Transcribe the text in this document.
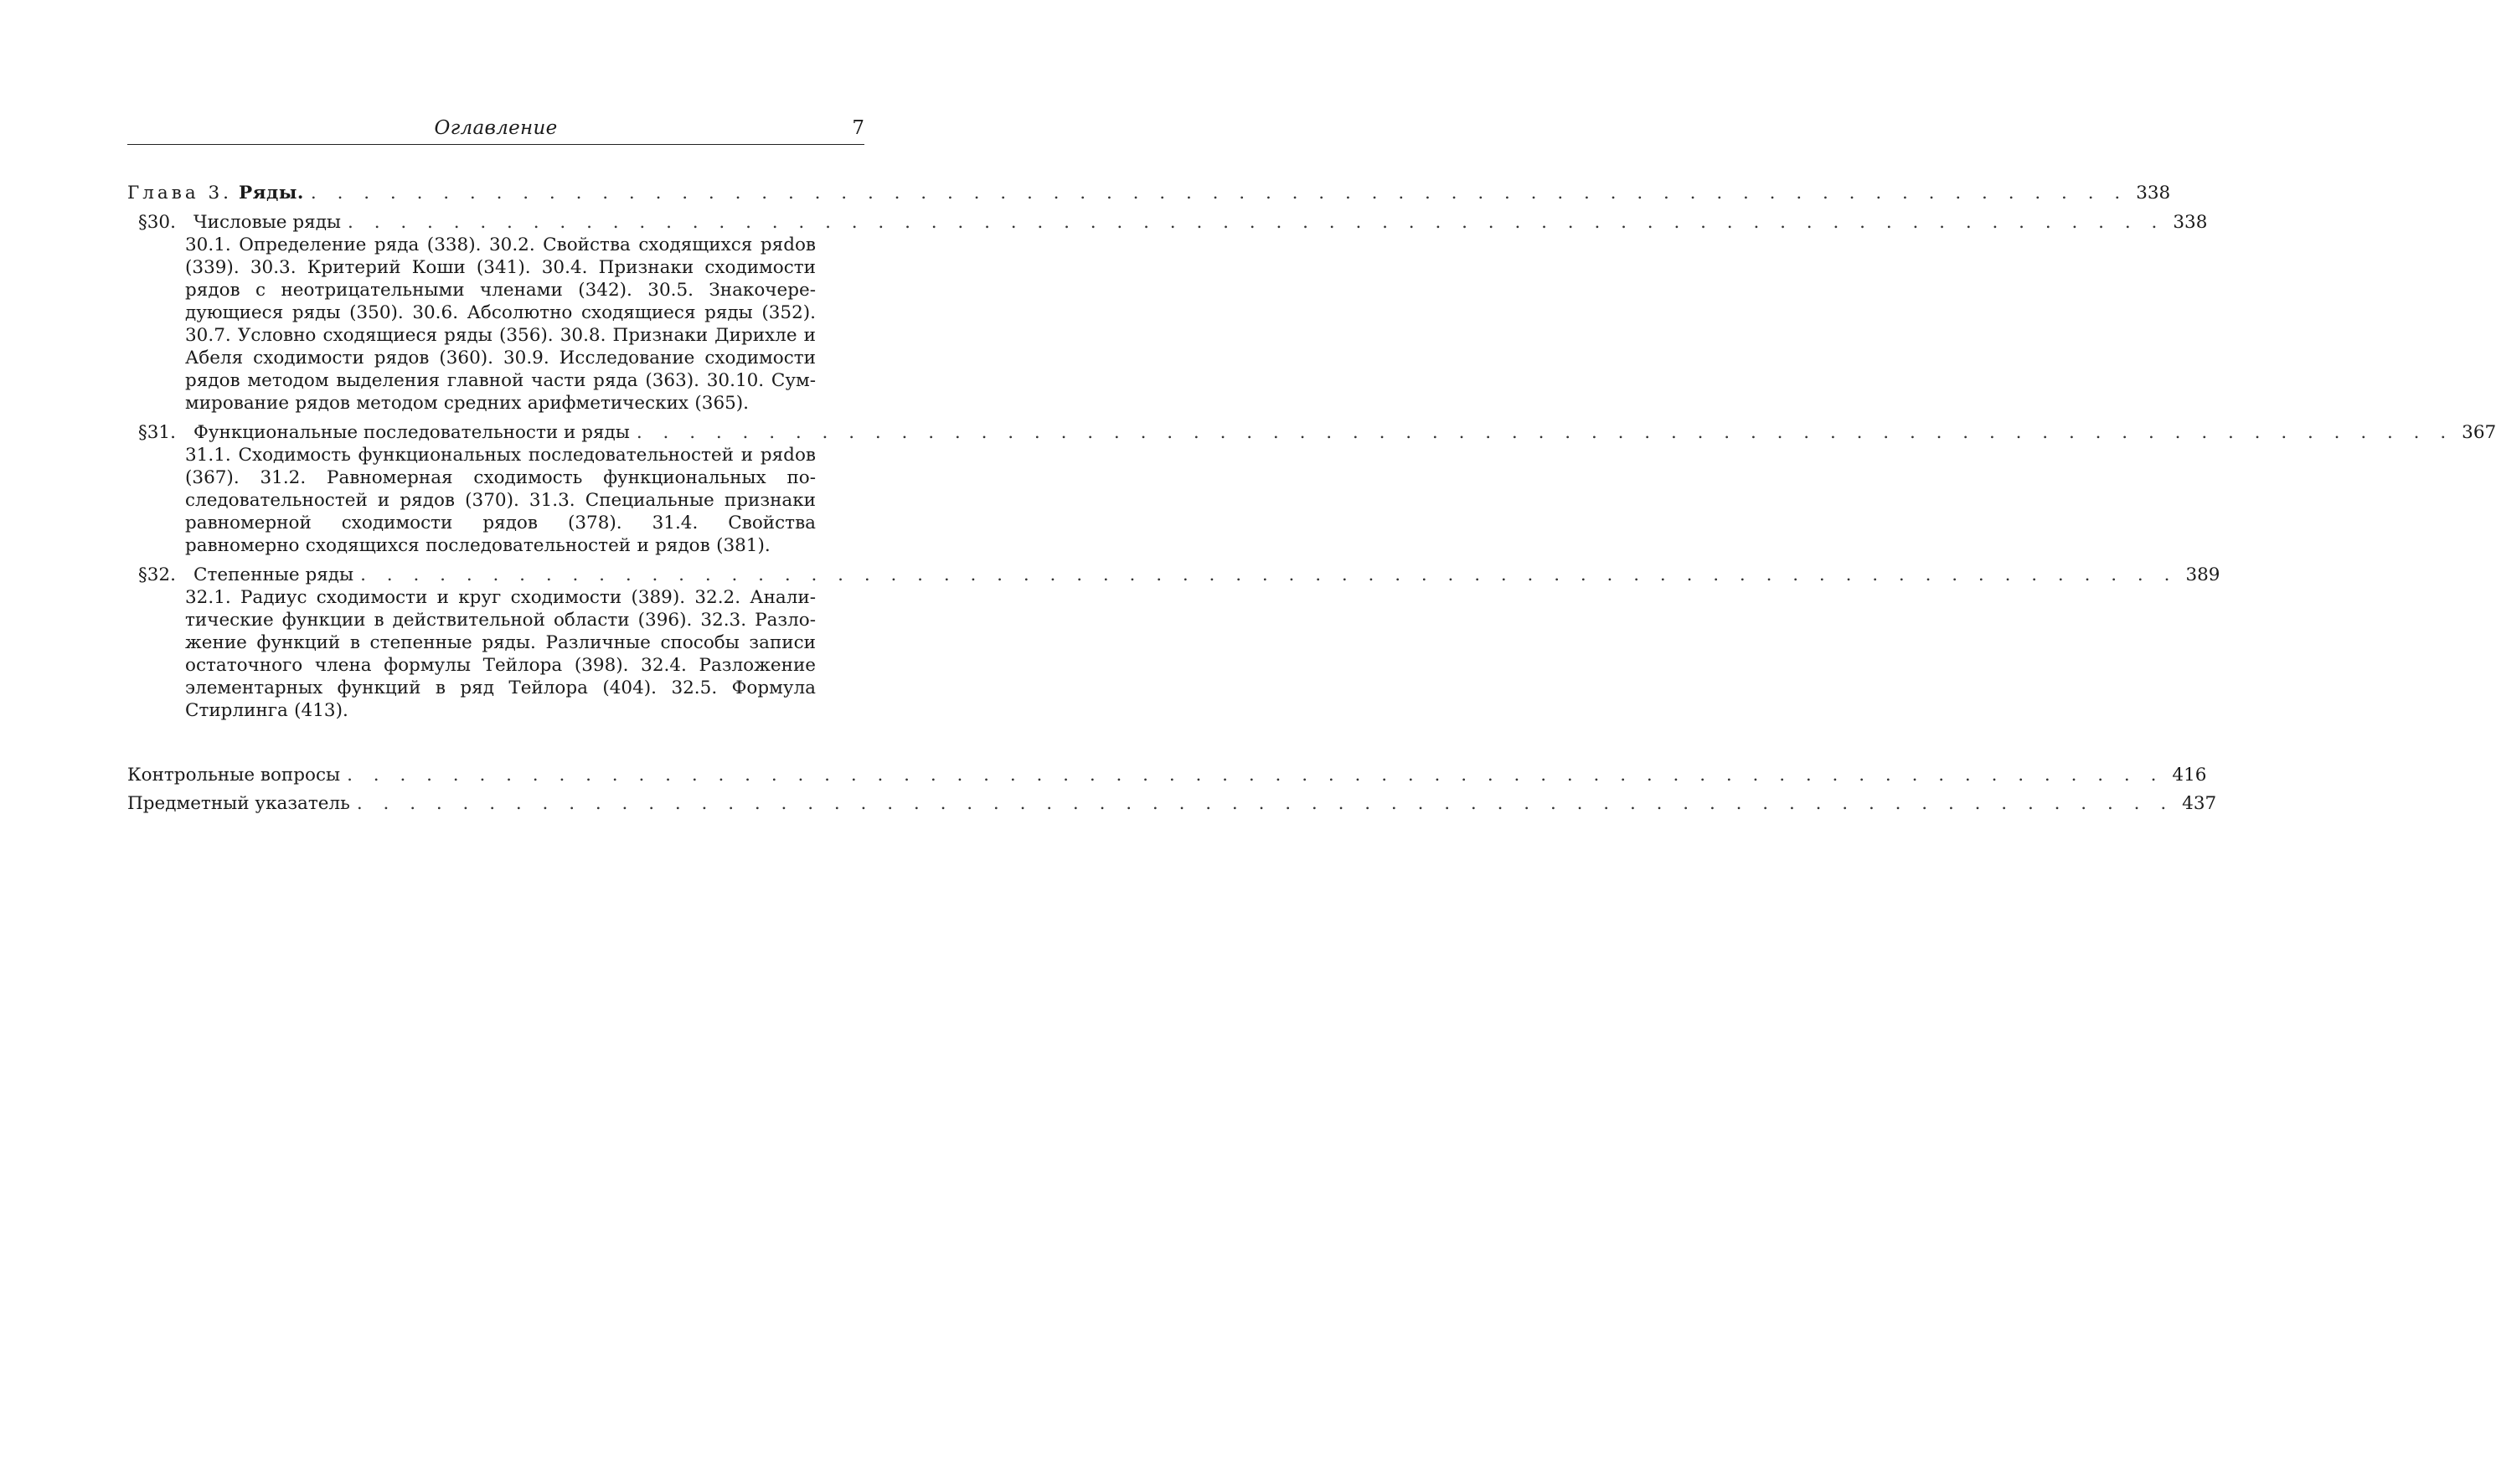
Оглавление	7
Глава 3. Ряды. . . . . . . . . . . . . . . . . . . . . . . . . . . . . . . . . . . . . . . . . . . . . . . . . . . . . . . . . . . . . . . . . . . . . . 338
§30. Числовые ряды . . . . . . . . . . . . . . . . . . . . . . . . . . . . . . . . . . . . . . . . . . . . . . . . . . . . . . . . . . . . . . . . . . . . . 338
30.1. Определение ряда (338). 30.2. Свойства сходящихся ряdов (339). 30.3. Критерий Коши (341). 30.4. Признаки сходимости рядов с неотрицательными членами (342). 30.5. Знакочередующиеся ряды (350). 30.6. Абсолютно сходящиеся ряды (352). 30.7. Условно сходящиеся ряды (356). 30.8. Признаки Дирихле и Абеля сходимости рядов (360). 30.9. Исследование сходимости рядов методом выделения главной части ряда (363). 30.10. Суммирование рядов методом средних арифметических (365).
§31. Функциональные последовательности и ряды . . . . . . . . . . . . . . . . . . . . . . . . . . . . . . . . . . . . . . . . . . . . . . . . . . . . . . . . . . . . . . . . . . . . . 367
31.1. Сходимость функциональных последовательностей и ряdов (367). 31.2. Равномерная сходимость функциональных последовательностей и рядов (370). 31.3. Специальные признаки равномерной сходимости рядов (378). 31.4. Свойства равномерно сходящихся последовательностей и рядов (381).
§32. Степенные ряды . . . . . . . . . . . . . . . . . . . . . . . . . . . . . . . . . . . . . . . . . . . . . . . . . . . . . . . . . . . . . . . . . . . . . 389
32.1. Радиус сходимости и круг сходимости (389). 32.2. Аналитические функции в действительной области (396). 32.3. Разложение функций в степенные ряды. Различные способы записи остаточного члена формулы Тейлора (398). 32.4. Разложение элементарных функций в ряд Тейлора (404). 32.5. Формула Стирлинга (413).
Контрольные вопросы . . . . . . . . . . . . . . . . . . . . . . . . . . . . . . . . . . . . . . . . . . . . . . . . . . . . . . . . . . . . . . . . . . . . . 416
Предметный указатель . . . . . . . . . . . . . . . . . . . . . . . . . . . . . . . . . . . . . . . . . . . . . . . . . . . . . . . . . . . . . . . . . . . . . 437
